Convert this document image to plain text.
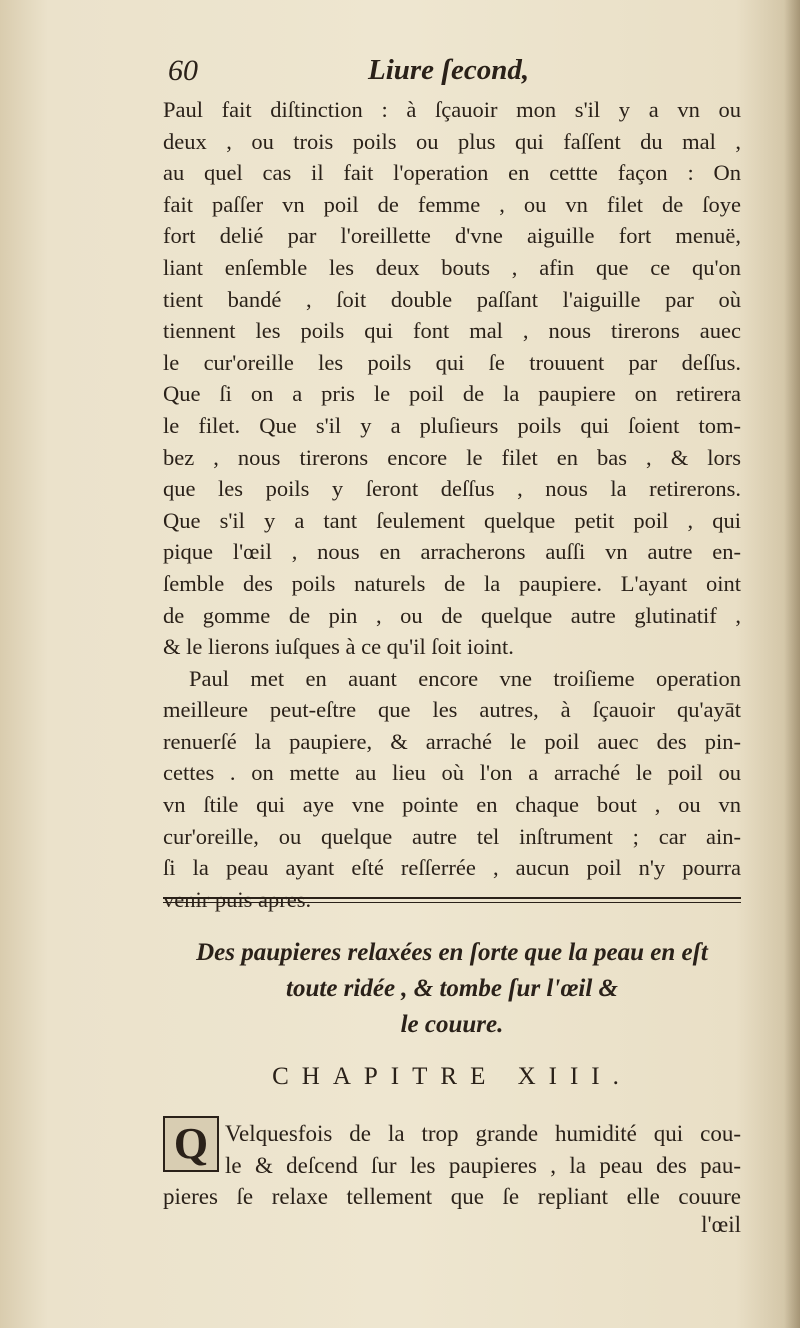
60	Liure ſecond,
Paul fait diſtinction : à ſçauoir mon s'il y a vn ou
deux , ou trois poils ou plus qui faſſent du mal ,
au quel cas il fait l'operation en cettte façon : On
fait paſſer vn poil de femme , ou vn filet de ſoye
fort delié par l'oreillette d'vne aiguille fort menuë,
liant enſemble les deux bouts , afin que ce qu'on
tient bandé , ſoit double paſſant l'aiguille par où
tiennent les poils qui font mal , nous tirerons auec
le cur'oreille les poils qui ſe trouuent par deſſus.
Que ſi on a pris le poil de la paupiere on retirera
le filet. Que s'il y a pluſieurs poils qui ſoient tom-
bez , nous tirerons encore le filet en bas , & lors
que les poils y ſeront deſſus , nous la retirerons.
Que s'il y a tant ſeulement quelque petit poil , qui
pique l'œil , nous en arracherons auſſi vn autre en-
ſemble des poils naturels de la paupiere. L'ayant oint
de gomme de pin , ou de quelque autre glutinatif ,
& le lierons iuſques à ce qu'il ſoit ioint.
Paul met en auant encore vne troiſieme operation
meilleure peut-eſtre que les autres, à ſçauoir qu'ayāt
renuerſé la paupiere, & arraché le poil auec des pin-
cettes . on mette au lieu où l'on a arraché le poil ou
vn ſtile qui aye vne pointe en chaque bout , ou vn
cur'oreille, ou quelque autre tel inſtrument ; car ain-
ſi la peau ayant eſté reſſerrée , aucun poil n'y pourra
venir puis apres.
Des paupieres relaxées en ſorte que la peau en eſt
toute ridée , & tombe ſur l'œil &
le couure.
CHAPITRE XIII.
Q Velquesfois de la trop grande humidité qui cou-
le & deſcend ſur les paupieres , la peau des pau-
pieres ſe relaxe tellement que ſe repliant elle couure
l'œil
